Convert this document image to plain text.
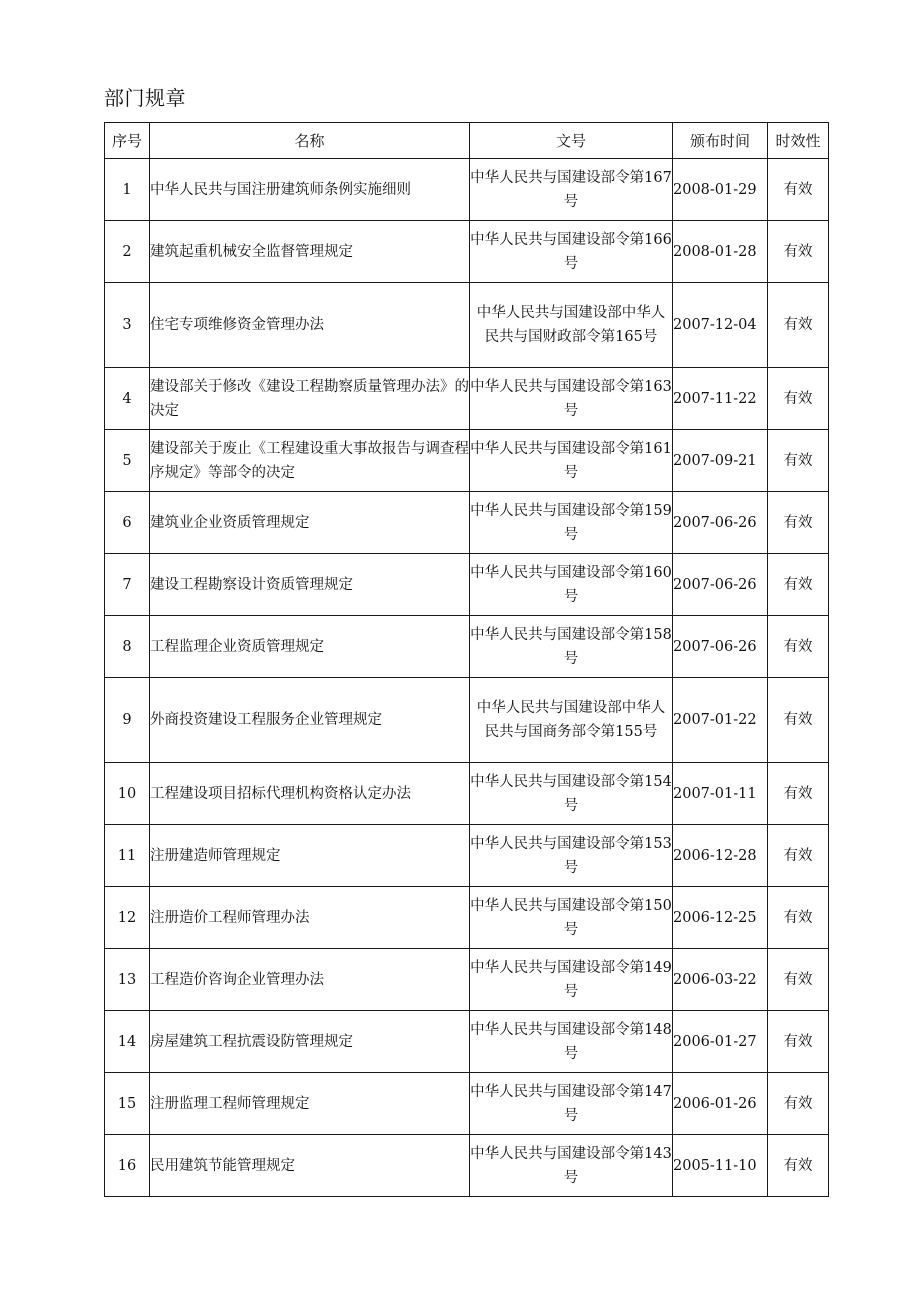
部门规章
序号	名称	文号	颁布时间	时效性
1	中华人民共与国注册建筑师条例实施细则	中华人民共与国建设部令第167号	2008-01-29	有效
2	建筑起重机械安全监督管理规定	中华人民共与国建设部令第166号	2008-01-28	有效
3	住宅专项维修资金管理办法	中华人民共与国建设部中华人民共与国财政部令第165号	2007-12-04	有效
4	建设部关于修改《建设工程勘察质量管理办法》的决定	中华人民共与国建设部令第163号	2007-11-22	有效
5	建设部关于废止《工程建设重大事故报告与调查程序规定》等部令的决定	中华人民共与国建设部令第161号	2007-09-21	有效
6	建筑业企业资质管理规定	中华人民共与国建设部令第159号	2007-06-26	有效
7	建设工程勘察设计资质管理规定	中华人民共与国建设部令第160号	2007-06-26	有效
8	工程监理企业资质管理规定	中华人民共与国建设部令第158号	2007-06-26	有效
9	外商投资建设工程服务企业管理规定	中华人民共与国建设部中华人民共与国商务部令第155号	2007-01-22	有效
10	工程建设项目招标代理机构资格认定办法	中华人民共与国建设部令第154号	2007-01-11	有效
11	注册建造师管理规定	中华人民共与国建设部令第153号	2006-12-28	有效
12	注册造价工程师管理办法	中华人民共与国建设部令第150号	2006-12-25	有效
13	工程造价咨询企业管理办法	中华人民共与国建设部令第149号	2006-03-22	有效
14	房屋建筑工程抗震设防管理规定	中华人民共与国建设部令第148号	2006-01-27	有效
15	注册监理工程师管理规定	中华人民共与国建设部令第147号	2006-01-26	有效
16	民用建筑节能管理规定	中华人民共与国建设部令第143号	2005-11-10	有效
